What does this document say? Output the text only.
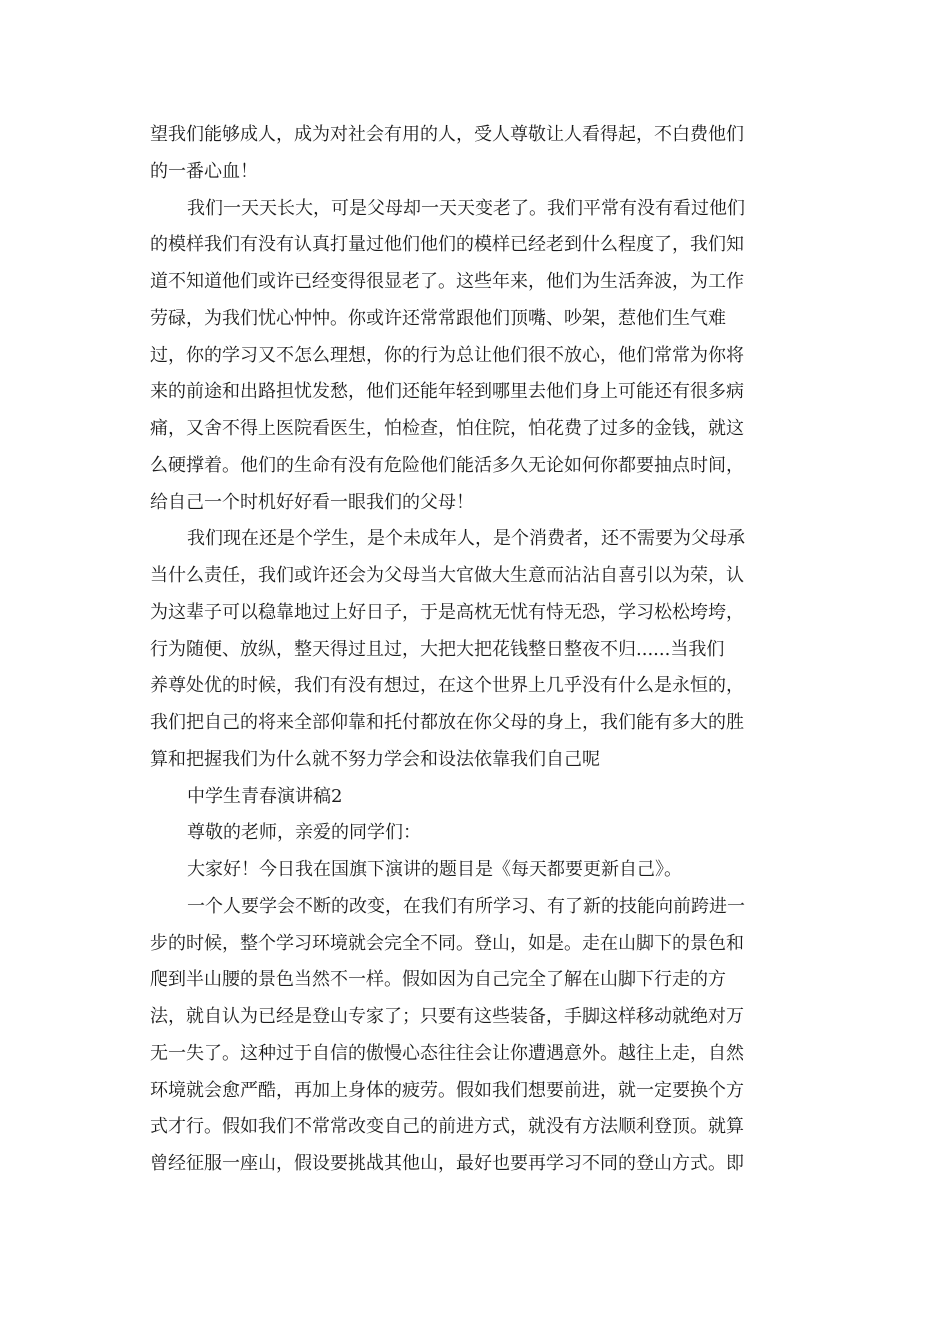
望我们能够成人，成为对社会有用的人，受人尊敬让人看得起，不白费他们
的一番心血！
我们一天天长大，可是父母却一天天变老了。我们平常有没有看过他们
的模样我们有没有认真打量过他们他们的模样已经老到什么程度了，我们知
道不知道他们或许已经变得很显老了。这些年来，他们为生活奔波，为工作
劳碌，为我们忧心忡忡。你或许还常常跟他们顶嘴、吵架，惹他们生气难
过，你的学习又不怎么理想，你的行为总让他们很不放心，他们常常为你将
来的前途和出路担忧发愁，他们还能年轻到哪里去他们身上可能还有很多病
痛，又舍不得上医院看医生，怕检查，怕住院，怕花费了过多的金钱，就这
么硬撑着。他们的生命有没有危险他们能活多久无论如何你都要抽点时间，
给自己一个时机好好看一眼我们的父母！
我们现在还是个学生，是个未成年人，是个消费者，还不需要为父母承
当什么责任，我们或许还会为父母当大官做大生意而沾沾自喜引以为荣，认
为这辈子可以稳靠地过上好日子，于是高枕无忧有恃无恐，学习松松垮垮，
行为随便、放纵，整天得过且过，大把大把花钱整日整夜不归......当我们
养尊处优的时候，我们有没有想过，在这个世界上几乎没有什么是永恒的，
我们把自己的将来全部仰靠和托付都放在你父母的身上，我们能有多大的胜
算和把握我们为什么就不努力学会和设法依靠我们自己呢
中学生青春演讲稿2
尊敬的老师，亲爱的同学们：
大家好！今日我在国旗下演讲的题目是《每天都要更新自己》。
一个人要学会不断的改变，在我们有所学习、有了新的技能向前跨进一
步的时候，整个学习环境就会完全不同。登山，如是。走在山脚下的景色和
爬到半山腰的景色当然不一样。假如因为自己完全了解在山脚下行走的方
法，就自认为已经是登山专家了；只要有这些装备，手脚这样移动就绝对万
无一失了。这种过于自信的傲慢心态往往会让你遭遇意外。越往上走，自然
环境就会愈严酷，再加上身体的疲劳。假如我们想要前进，就一定要换个方
式才行。假如我们不常常改变自己的前进方式，就没有方法顺利登顶。就算
曾经征服一座山，假设要挑战其他山，最好也要再学习不同的登山方式。即
